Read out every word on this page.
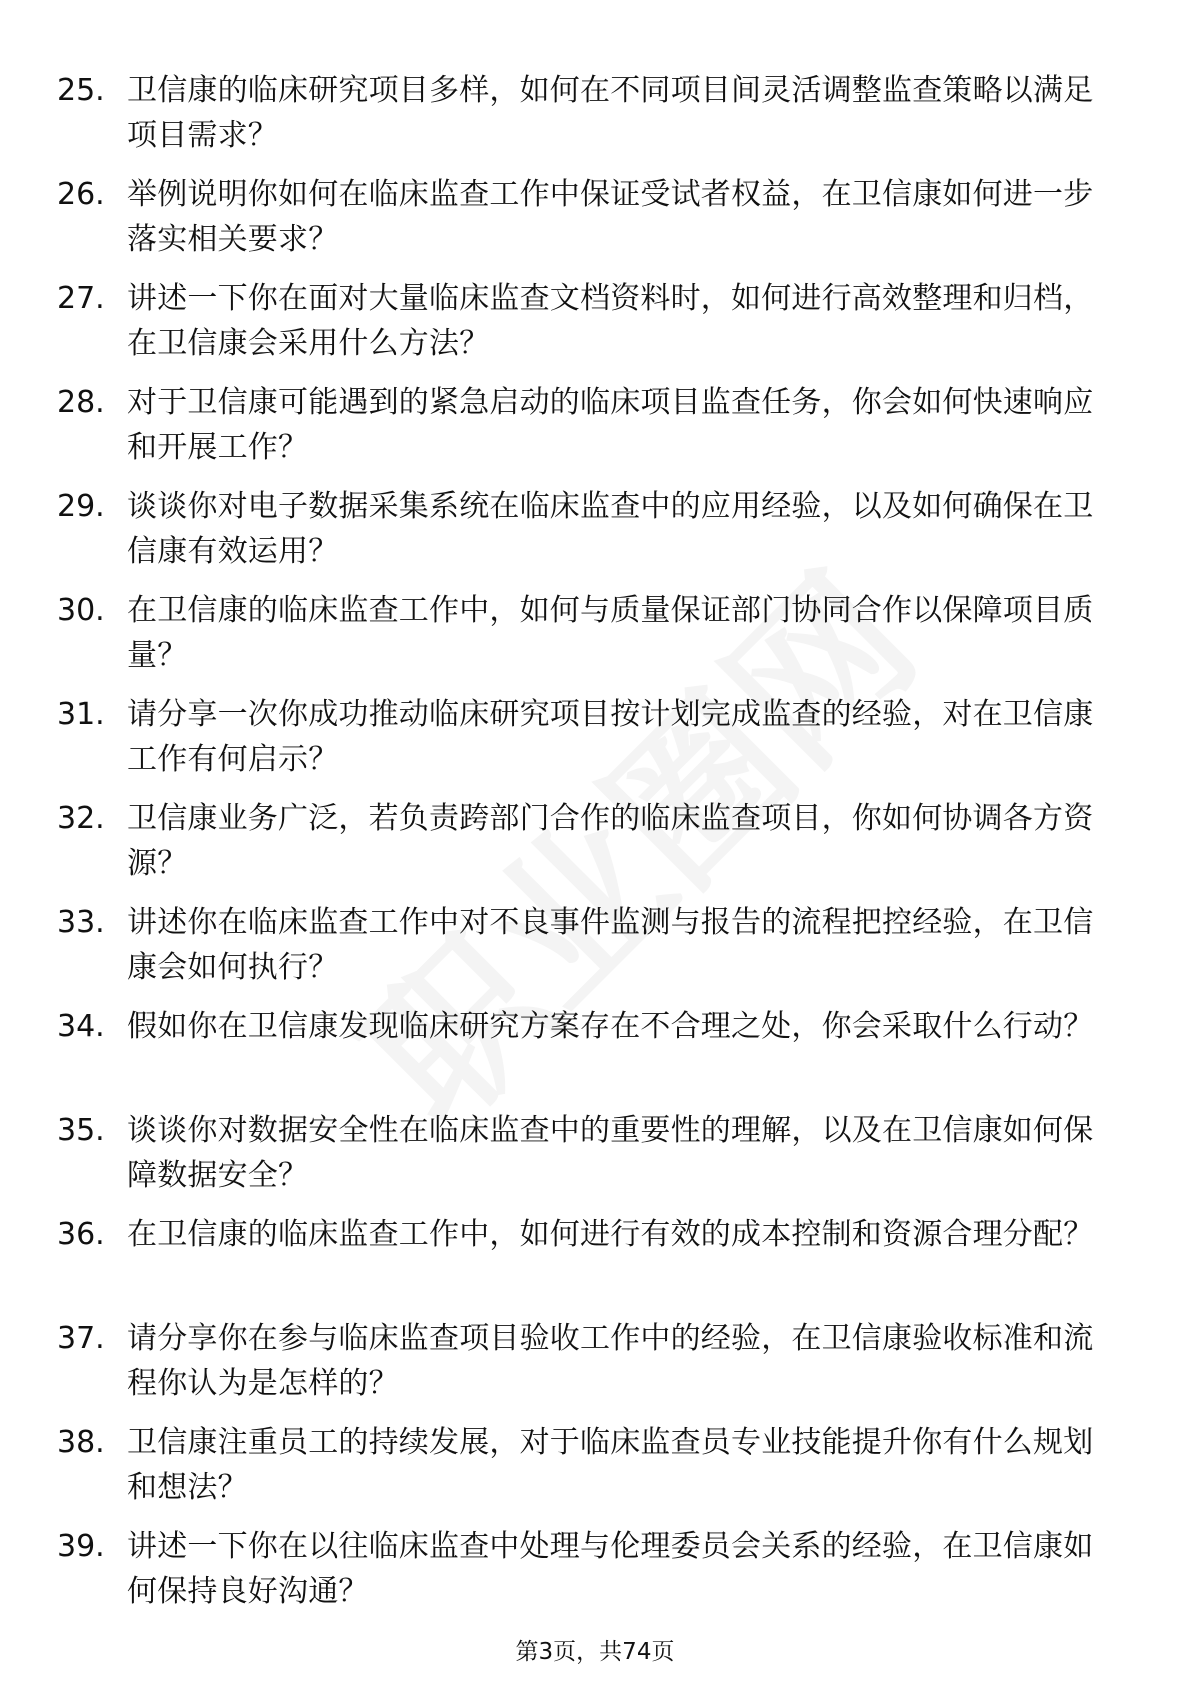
25. 卫信康的临床研究项目多样，如何在不同项目间灵活调整监查策略以满足项目需求？
26. 举例说明你如何在临床监查工作中保证受试者权益，在卫信康如何进一步落实相关要求？
27. 讲述一下你在面对大量临床监查文档资料时，如何进行高效整理和归档，在卫信康会采用什么方法？
28. 对于卫信康可能遇到的紧急启动的临床项目监查任务，你会如何快速响应和开展工作？
29. 谈谈你对电子数据采集系统在临床监查中的应用经验，以及如何确保在卫信康有效运用？
30. 在卫信康的临床监查工作中，如何与质量保证部门协同合作以保障项目质量？
31. 请分享一次你成功推动临床研究项目按计划完成监查的经验，对在卫信康工作有何启示？
32. 卫信康业务广泛，若负责跨部门合作的临床监查项目，你如何协调各方资源？
33. 讲述你在临床监查工作中对不良事件监测与报告的流程把控经验，在卫信康会如何执行？
34. 假如你在卫信康发现临床研究方案存在不合理之处，你会采取什么行动？
35. 谈谈你对数据安全性在临床监查中的重要性的理解，以及在卫信康如何保障数据安全？
36. 在卫信康的临床监查工作中，如何进行有效的成本控制和资源合理分配？
37. 请分享你在参与临床监查项目验收工作中的经验，在卫信康验收标准和流程你认为是怎样的？
38. 卫信康注重员工的持续发展，对于临床监查员专业技能提升你有什么规划和想法？
39. 讲述一下你在以往临床监查中处理与伦理委员会关系的经验，在卫信康如何保持良好沟通？
第3页，共74页
